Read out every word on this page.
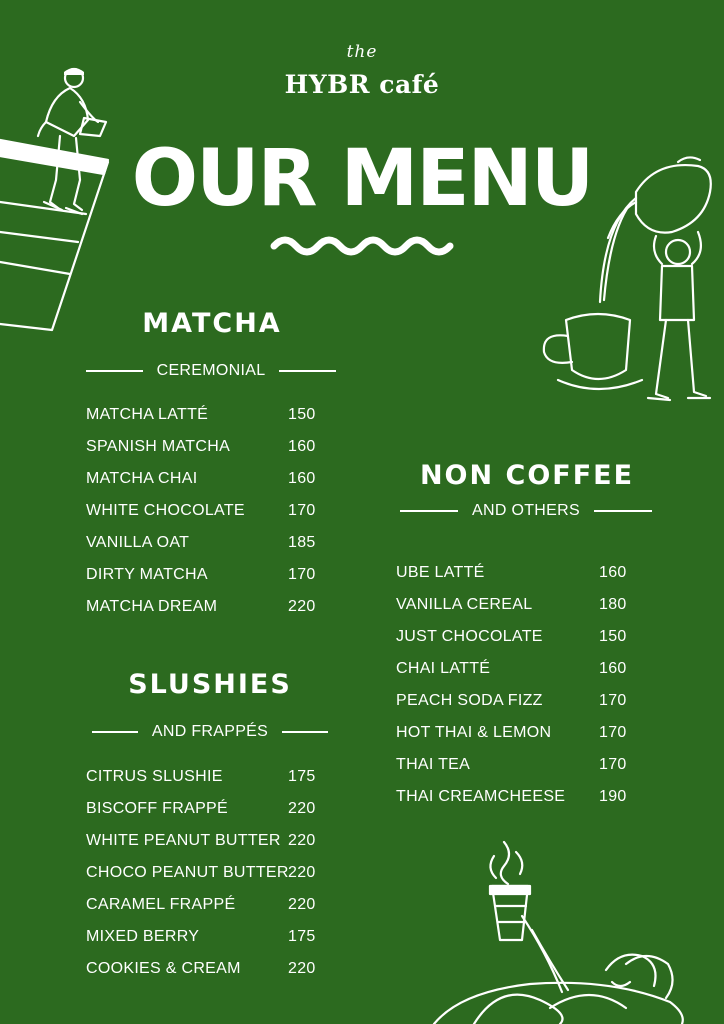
the
HYBR café
OUR MENU
MATCHA
CEREMONIAL
MATCHA LATTÉ	150
SPANISH MATCHA	160
MATCHA CHAI	160
WHITE CHOCOLATE	170
VANILLA OAT	185
DIRTY MATCHA	170
MATCHA DREAM	220
SLUSHIES
AND FRAPPÉS
CITRUS SLUSHIE	175
BISCOFF FRAPPÉ	220
WHITE PEANUT BUTTER 220
CHOCO PEANUT BUTTER 220
CARAMEL FRAPPÉ	220
MIXED BERRY	175
COOKIES & CREAM	220
NON COFFEE
AND OTHERS
UBE LATTÉ	160
VANILLA CEREAL	180
JUST CHOCOLATE	150
CHAI LATTÉ	160
PEACH SODA FIZZ	170
HOT THAI & LEMON	170
THAI TEA	170
THAI CREAMCHEESE 190
